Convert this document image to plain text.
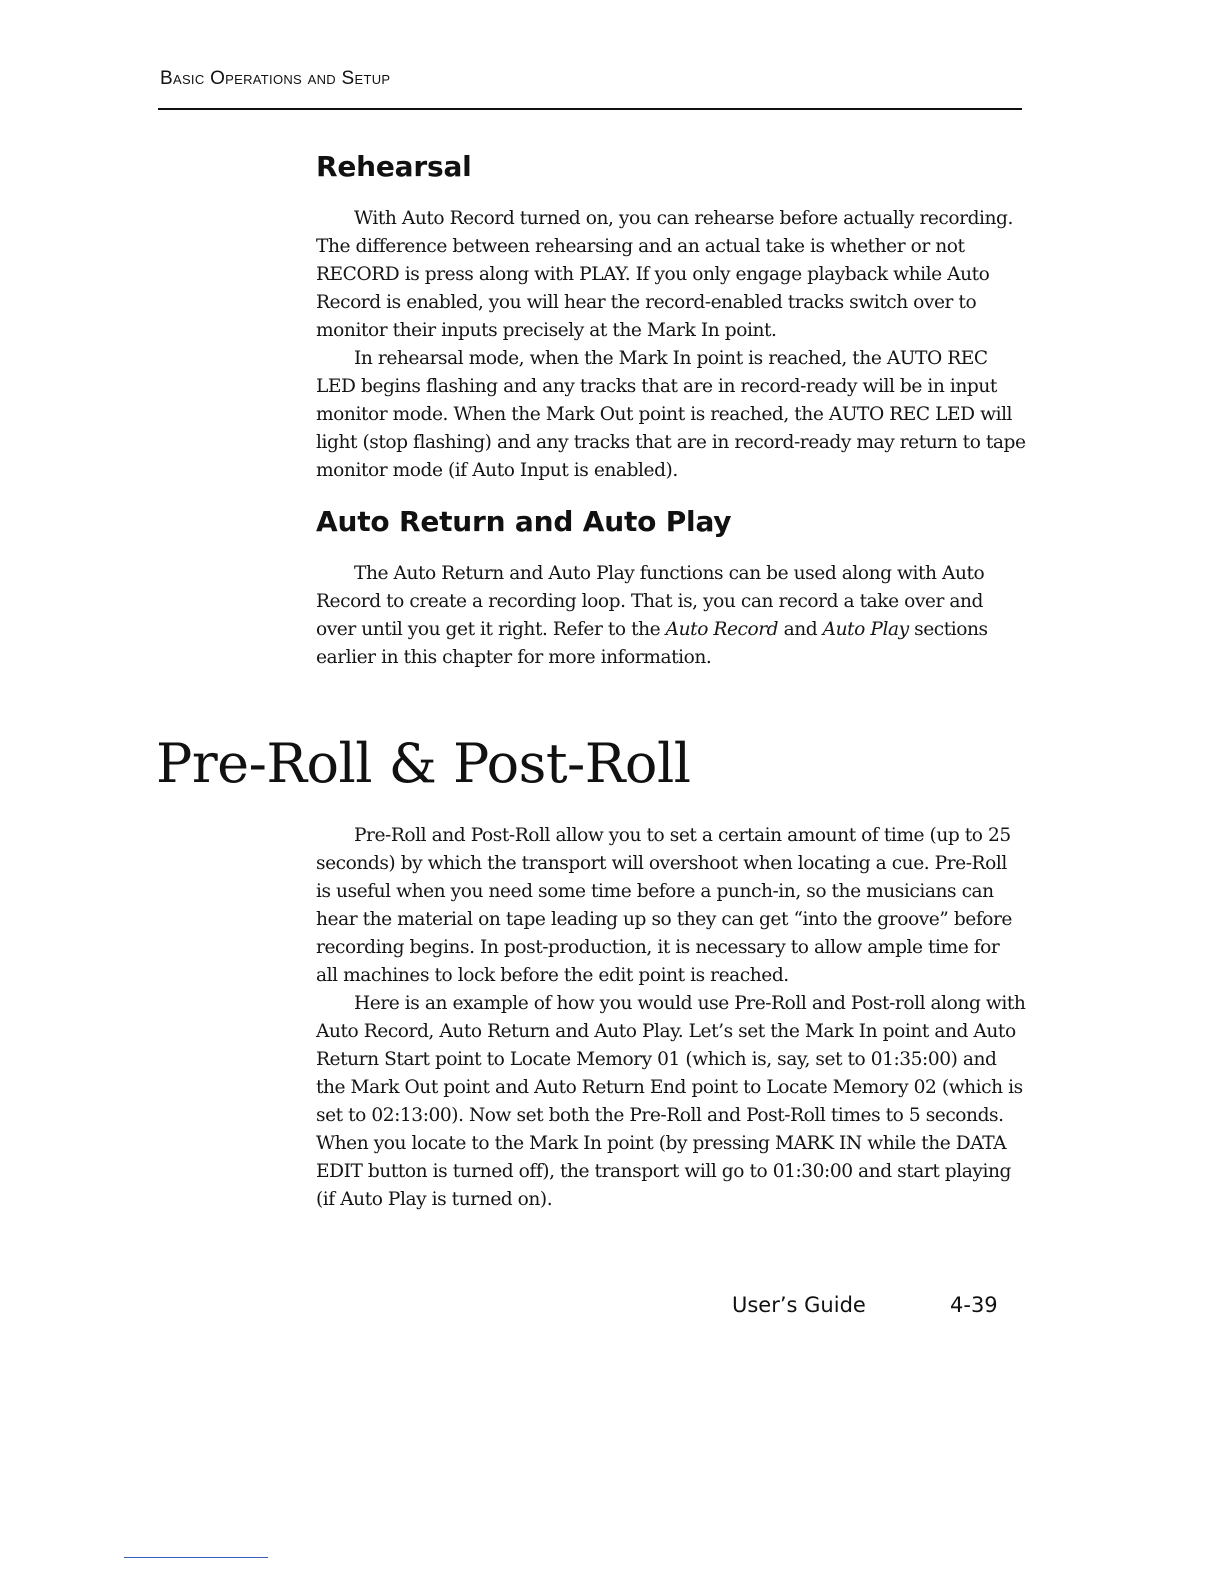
Basic Operations and Setup
Rehearsal

With Auto Record turned on, you can rehearse before actually recording. The difference between rehearsing and an actual take is whether or not RECORD is press along with PLAY. If you only engage playback while Auto Record is enabled, you will hear the record-enabled tracks switch over to monitor their inputs precisely at the Mark In point.

In rehearsal mode, when the Mark In point is reached, the AUTO REC LED begins flashing and any tracks that are in record-ready will be in input monitor mode. When the Mark Out point is reached, the AUTO REC LED will light (stop flashing) and any tracks that are in record-ready may return to tape monitor mode (if Auto Input is enabled).

Auto Return and Auto Play

The Auto Return and Auto Play functions can be used along with Auto Record to create a recording loop. That is, you can record a take over and over until you get it right. Refer to the Auto Record and Auto Play sections earlier in this chapter for more information.

Pre-Roll & Post-Roll

Pre-Roll and Post-Roll allow you to set a certain amount of time (up to 25 seconds) by which the transport will overshoot when locating a cue. Pre-Roll is useful when you need some time before a punch-in, so the musicians can hear the material on tape leading up so they can get “into the groove” before recording begins. In post-production, it is necessary to allow ample time for all machines to lock before the edit point is reached.

Here is an example of how you would use Pre-Roll and Post-roll along with Auto Record, Auto Return and Auto Play. Let’s set the Mark In point and Auto Return Start point to Locate Memory 01 (which is, say, set to 01:35:00) and the Mark Out point and Auto Return End point to Locate Memory 02 (which is set to 02:13:00). Now set both the Pre-Roll and Post-Roll times to 5 seconds. When you locate to the Mark In point (by pressing MARK IN while the DATA EDIT button is turned off), the transport will go to 01:30:00 and start playing (if Auto Play is turned on).

User’s Guide	4-39
